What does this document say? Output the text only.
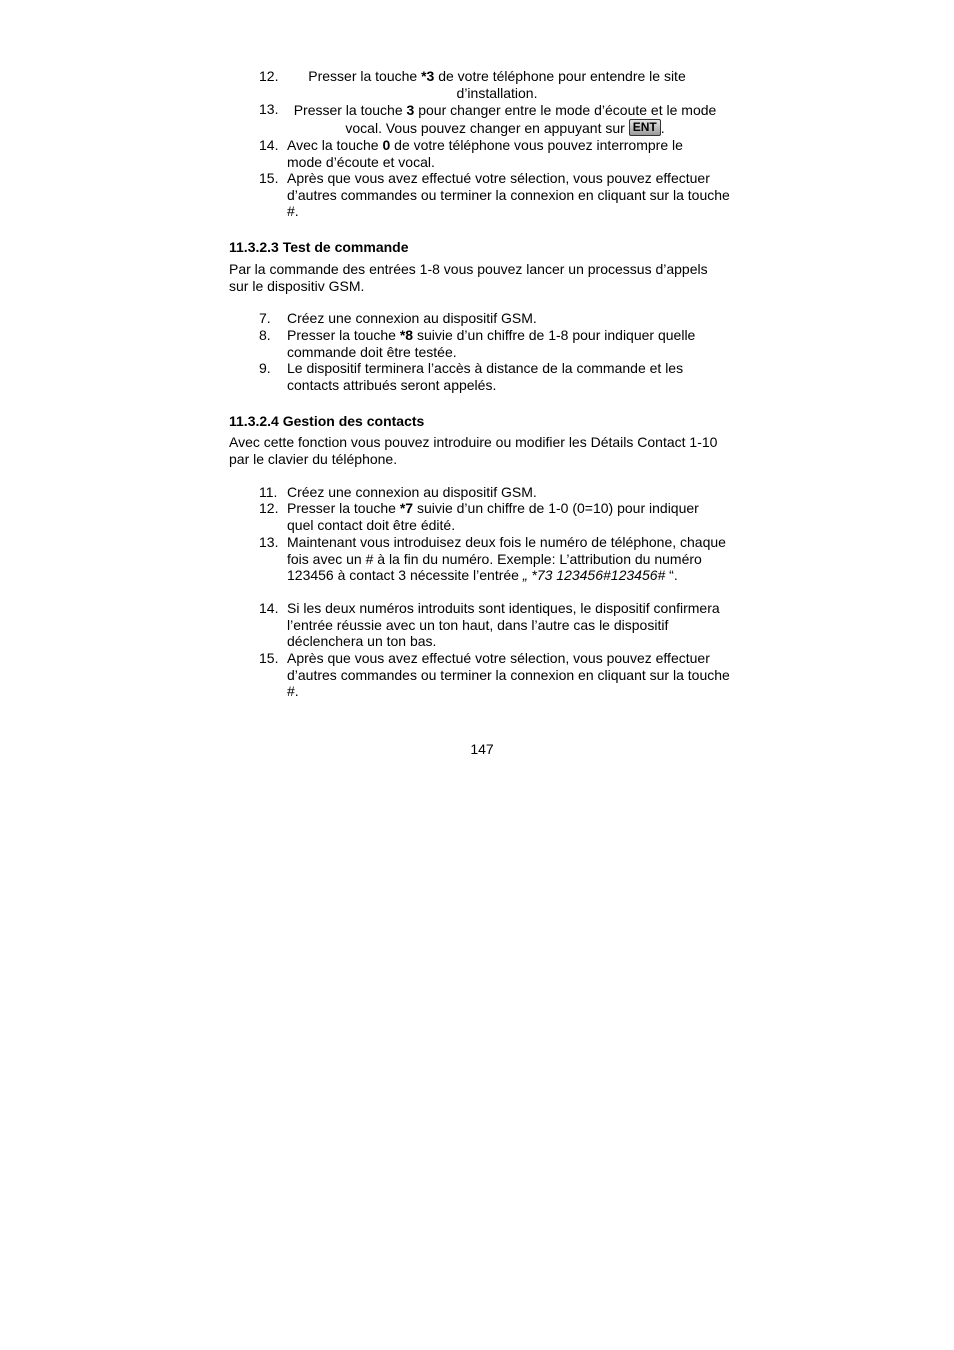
12.	Presser la touche *3 de votre téléphone pour entendre le site
d’installation.
13.	Presser la touche 3 pour changer entre le mode d’écoute et le mode
vocal. Vous pouvez changer en appuyant sur ENT .
14. Avec la touche 0 de votre téléphone vous pouvez interrompre le mode d’écoute et vocal.
15. Après que vous avez effectué votre sélection, vous pouvez effectuer d’autres commandes ou terminer la connexion en cliquant sur la touche #.
11.3.2.3 Test de commande
Par la commande des entrées 1-8 vous pouvez lancer un processus d’appels sur le dispositiv GSM.
7.	Créez une connexion au dispositif GSM.
8.	Presser la touche *8 suivie d’un chiffre de 1-8 pour indiquer quelle commande doit être testée.
9.	Le dispositif terminera l’accès à distance de la commande et les contacts attribués seront appelés.
11.3.2.4 Gestion des contacts
Avec cette fonction vous pouvez introduire ou modifier les Détails Contact 1-10 par le clavier du téléphone.
11. Créez une connexion au dispositif GSM.
12. Presser la touche *7 suivie d’un chiffre de 1-0 (0=10) pour indiquer quel contact doit être édité.
13. Maintenant vous introduisez deux fois le numéro de téléphone, chaque fois avec un # à la fin du numéro. Exemple: L’attribution du numéro 123456 à contact 3 nécessite l’entrée „ *73 123456#123456# “.
14. Si les deux numéros introduits sont identiques, le dispositif confirmera l’entrée réussie avec un ton haut, dans l’autre cas le dispositif déclenchera un ton bas.
15. Après que vous avez effectué votre sélection, vous pouvez effectuer d’autres commandes ou terminer la connexion en cliquant sur la touche #.
147
